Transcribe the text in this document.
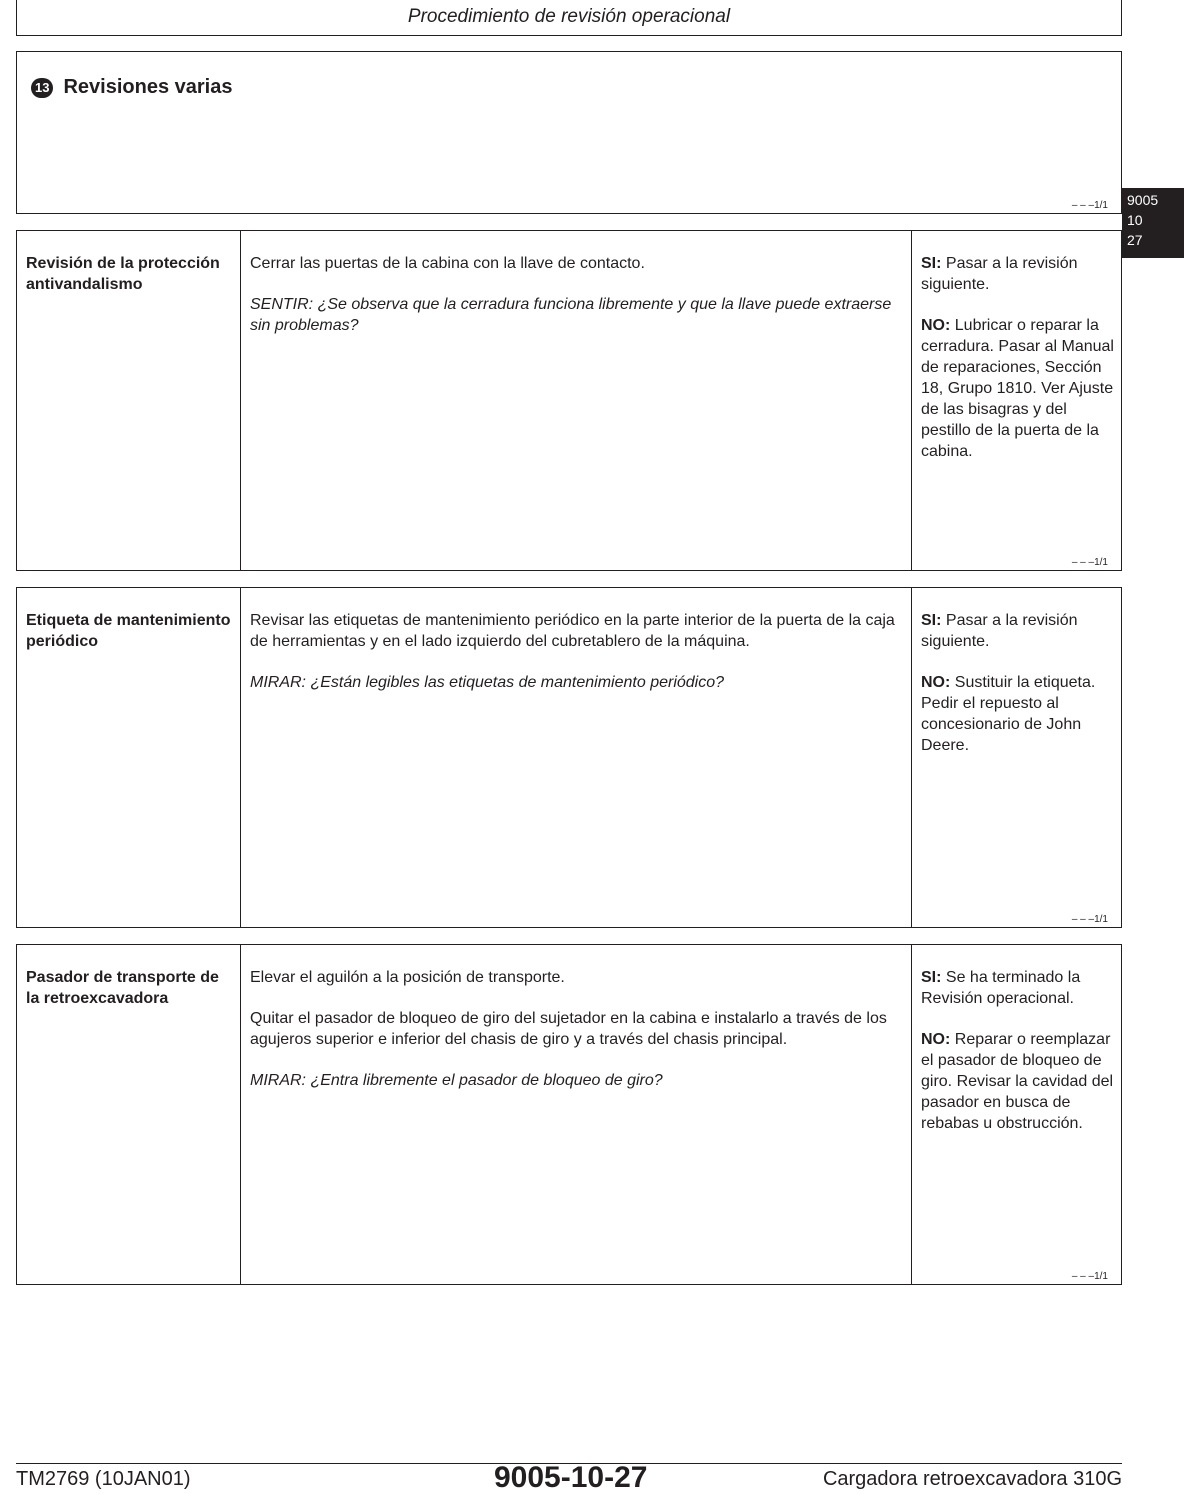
Procedimiento de revisión operacional
13 Revisiones varias
– – –1/1 9005
10
27
Revisión de la protección antivandalismo

Cerrar las puertas de la cabina con la llave de contacto.

SENTIR: ¿Se observa que la cerradura funciona libremente y que la llave puede extraerse sin problemas?

SI: Pasar a la revisión siguiente.

NO: Lubricar o reparar la cerradura. Pasar al Manual de reparaciones, Sección 18, Grupo 1810. Ver Ajuste de las bisagras y del pestillo de la puerta de la cabina.

– – –1/1
Etiqueta de mantenimiento periódico

Revisar las etiquetas de mantenimiento periódico en la parte interior de la puerta de la caja de herramientas y en el lado izquierdo del cubretablero de la máquina.

MIRAR: ¿Están legibles las etiquetas de mantenimiento periódico?

SI: Pasar a la revisión siguiente.

NO: Sustituir la etiqueta. Pedir el repuesto al concesionario de John Deere.

– – –1/1
Pasador de transporte de la retroexcavadora

Elevar el aguilón a la posición de transporte.

Quitar el pasador de bloqueo de giro del sujetador en la cabina e instalarlo a través de los agujeros superior e inferior del chasis de giro y a través del chasis principal.

MIRAR: ¿Entra libremente el pasador de bloqueo de giro?

SI: Se ha terminado la Revisión operacional.

NO: Reparar o reemplazar el pasador de bloqueo de giro. Revisar la cavidad del pasador en busca de rebabas u obstrucción.

– – –1/1
TM2769 (10JAN01)	9005-10-27	Cargadora retroexcavadora 310G
